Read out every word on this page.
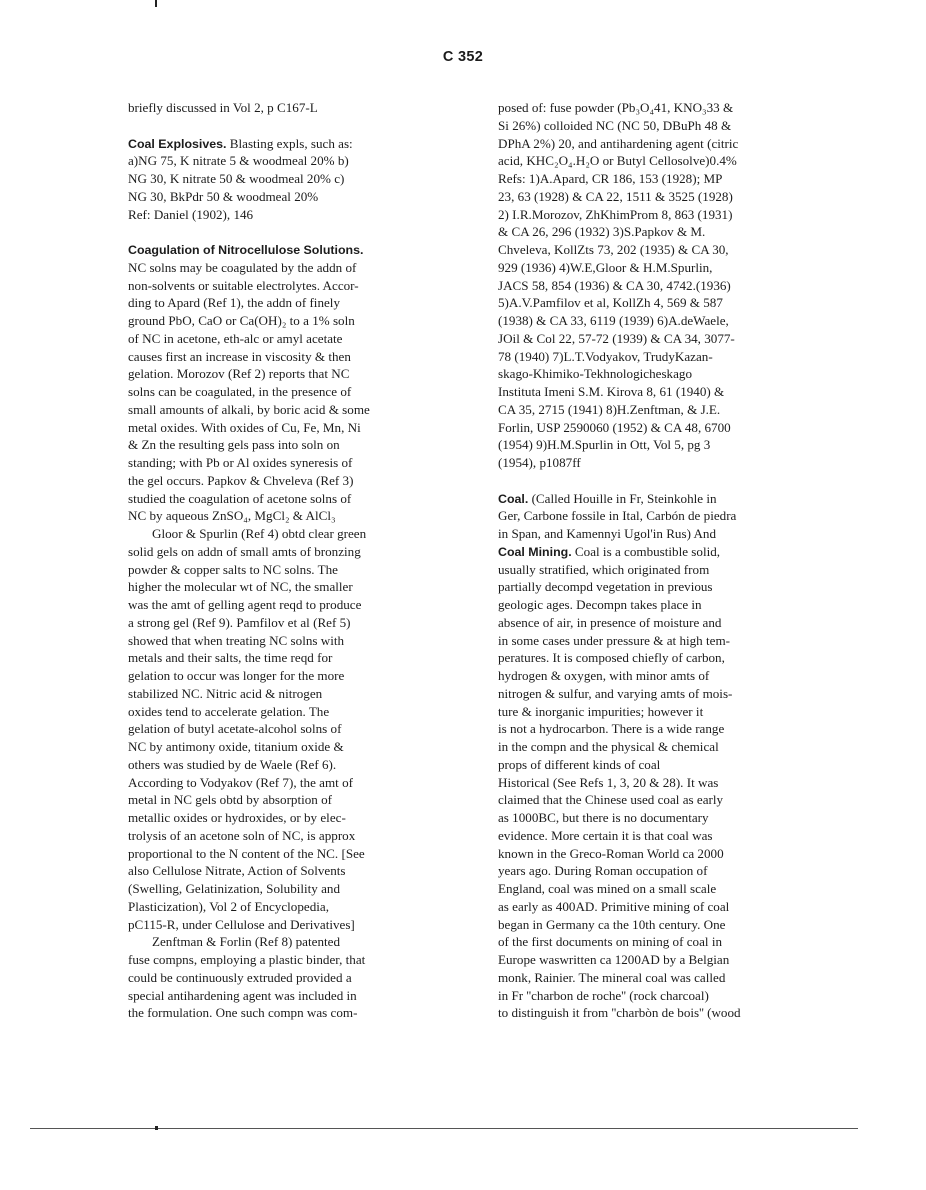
C 352
briefly discussed in Vol 2, p C167-L
Coal Explosives. Blasting expls, such as:
a)NG 75, K nitrate 5 & woodmeal 20% b)
NG 30, K nitrate 50 & woodmeal 20% c)
NG 30, BkPdr 50 & woodmeal 20%
Ref: Daniel (1902), 146
Coagulation of Nitrocellulose Solutions.
NC solns may be coagulated by the addn of
non-solvents or suitable electrolytes. Accor-
ding to Apard (Ref 1), the addn of finely
ground PbO, CaO or Ca(OH)₂ to a 1% soln
of NC in acetone, eth-alc or amyl acetate
causes first an increase in viscosity & then
gelation. Morozov (Ref 2) reports that NC
solns can be coagulated, in the presence of
small amounts of alkali, by boric acid & some
metal oxides. With oxides of Cu, Fe, Mn, Ni
& Zn the resulting gels pass into soln on
standing; with Pb or Al oxides syneresis of
the gel occurs. Papkov & Chveleva (Ref 3)
studied the coagulation of acetone solns of
NC by aqueous ZnSO₄, MgCl₂ & AlCl₃
Gloor & Spurlin (Ref 4) obtd clear green
solid gels on addn of small amts of bronzing
powder & copper salts to NC solns. The
higher the molecular wt of NC, the smaller
was the amt of gelling agent reqd to produce
a strong gel (Ref 9). Pamfilov et al (Ref 5)
showed that when treating NC solns with
metals and their salts, the time reqd for
gelation to occur was longer for the more
stabilized NC. Nitric acid & nitrogen
oxides tend to accelerate gelation. The
gelation of butyl acetate-alcohol solns of
NC by antimony oxide, titanium oxide &
others was studied by de Waele (Ref 6).
According to Vodyakov (Ref 7), the amt of
metal in NC gels obtd by absorption of
metallic oxides or hydroxides, or by elec-
trolysis of an acetone soln of NC, is approx
proportional to the N content of the NC. [See
also Cellulose Nitrate, Action of Solvents
(Swelling, Gelatinization, Solubility and
Plasticization), Vol 2 of Encyclopedia,
pC115-R, under Cellulose and Derivatives]
Zenftman & Forlin (Ref 8) patented
fuse compns, employing a plastic binder, that
could be continuously extruded provided a
special antihardening agent was included in
the formulation. One such compn was com-
posed of: fuse powder (Pb₃O₄41, KNO₃33 &
Si 26%) colloided NC (NC 50, DBuPh 48 &
DPhA 2%) 20, and antihardening agent (citric
acid, KHC₂O₄.H₂O or Butyl Cellosolve)0.4%
Refs: 1)A.Apard, CR 186, 153 (1928); MP
23, 63 (1928) & CA 22, 1511 & 3525 (1928)
2) I.R.Morozov, ZhKhimProm 8, 863 (1931)
& CA 26, 296 (1932) 3)S.Papkov & M.
Chveleva, KollZts 73, 202 (1935) & CA 30,
929 (1936) 4)W.E,Gloor & H.M.Spurlin,
JACS 58, 854 (1936) & CA 30, 4742.(1936)
5)A.V.Pamfilov et al, KollZh 4, 569 & 587
(1938) & CA 33, 6119 (1939) 6)A.deWaele,
JOil & Col 22, 57-72 (1939) & CA 34, 3077-
78 (1940) 7)L.T.Vodyakov, TrudyKazan-
skago-Khimiko-Tekhnologicheskago
Instituta Imeni S.M. Kirova 8, 61 (1940) &
CA 35, 2715 (1941) 8)H.Zenftman, & J.E.
Forlin, USP 2590060 (1952) & CA 48, 6700
(1954) 9)H.M.Spurlin in Ott, Vol 5, pg 3
(1954), p1087ff
Coal. (Called Houille in Fr, Steinkohle in
Ger, Carbone fossile in Ital, Carbón de piedra
in Span, and Kamennyi Ugol'in Rus) And
Coal Mining. Coal is a combustible solid,
usually stratified, which originated from
partially decompd vegetation in previous
geologic ages. Decompn takes place in
absence of air, in presence of moisture and
in some cases under pressure & at high tem-
peratures. It is composed chiefly of carbon,
hydrogen & oxygen, with minor amts of
nitrogen & sulfur, and varying amts of mois-
ture & inorganic impurities; however it
is not a hydrocarbon. There is a wide range
in the compn and the physical & chemical
props of different kinds of coal
Historical (See Refs 1, 3, 20 & 28). It was
claimed that the Chinese used coal as early
as 1000BC, but there is no documentary
evidence. More certain it is that coal was
known in the Greco-Roman World ca 2000
years ago. During Roman occupation of
England, coal was mined on a small scale
as early as 400AD. Primitive mining of coal
began in Germany ca the 10th century. One
of the first documents on mining of coal in
Europe waswritten ca 1200AD by a Belgian
monk, Rainier. The mineral coal was called
in Fr ''charbon de roche'' (rock charcoal)
to distinguish it from ''charbòn de bois'' (wood
